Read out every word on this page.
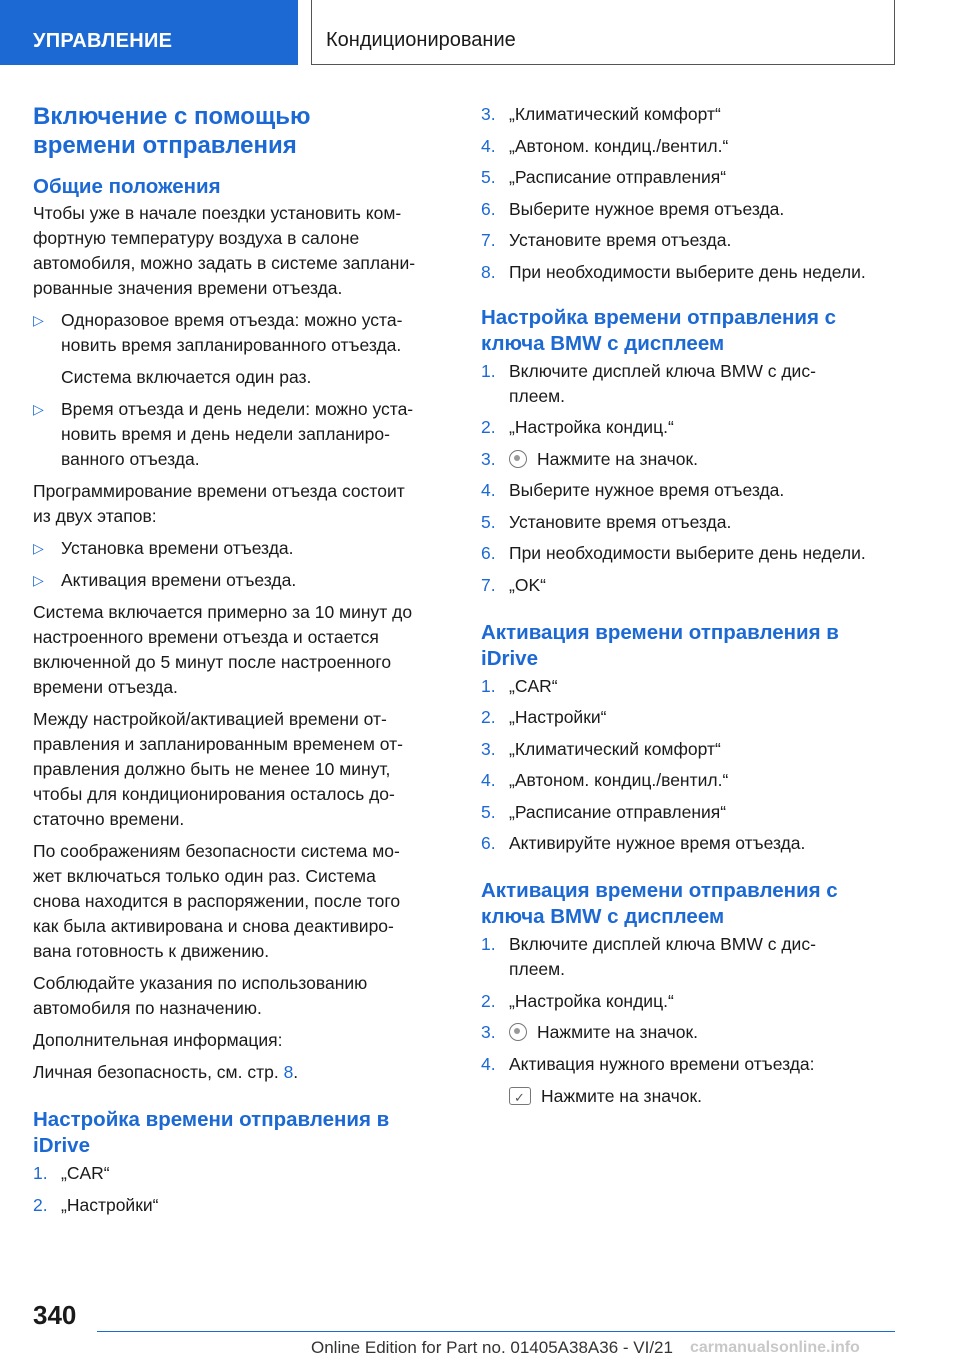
УПРАВЛЕНИЕ	Кондиционирование
Включение с помощью
времени отправления
Общие положения

Чтобы уже в начале поездки установить ком-
фортную температуру воздуха в салоне
автомобиля, можно задать в системе заплани-
рованные значения времени отъезда.

▷ Одноразовое время отъезда: можно уста-
новить время запланированного отъезда.

Система включается один раз.

▷ Время отъезда и день недели: можно уста-
новить время и день недели запланиро-
ванного отъезда.

Программирование времени отъезда состоит
из двух этапов:

▷ Установка времени отъезда.
▷ Активация времени отъезда.

Система включается примерно за 10 минут до
настроенного времени отъезда и остается
включенной до 5 минут после настроенного
времени отъезда.

Между настройкой/активацией времени от-
правления и запланированным временем от-
правления должно быть не менее 10 минут,
чтобы для кондиционирования осталось до-
статочно времени.

По соображениям безопасности система мо-
жет включаться только один раз. Система
снова находится в распоряжении, после того
как была активирована и снова деактивиро-
вана готовность к движению.

Соблюдайте указания по использованию
автомобиля по назначению.

Дополнительная информация:

Личная безопасность, см. стр. 8.

Настройка времени отправления в
iDrive
1. „CAR“
2. „Настройки“
3. „Климатический комфорт“
4. „Автоном. кондиц./вентил.“
5. „Расписание отправления“
6. Выберите нужное время отъезда.
7. Установите время отъезда.
8. При необходимости выберите день недели.
Настройка времени отправления с
ключа BMW с дисплеем
1. Включите дисплей ключа BMW с дис-
плеем.
2. „Настройка кондиц.“
3. Нажмите на значок.
4. Выберите нужное время отъезда.
5. Установите время отъезда.
6. При необходимости выберите день недели.
7. „OK“
Активация времени отправления в
iDrive
1. „CAR“
2. „Настройки“
3. „Климатический комфорт“
4. „Автоном. кондиц./вентил.“
5. „Расписание отправления“
6. Активируйте нужное время отъезда.
Активация времени отправления с
ключа BMW с дисплеем
1. Включите дисплей ключа BMW с дис-
плеем.
2. „Настройка кондиц.“
3. Нажмите на значок.
4. Активация нужного времени отъезда:
✓Нажмите на значок.
340
Online Edition for Part no. 01405A38A36 - VI/21 carmanualsonline.info
